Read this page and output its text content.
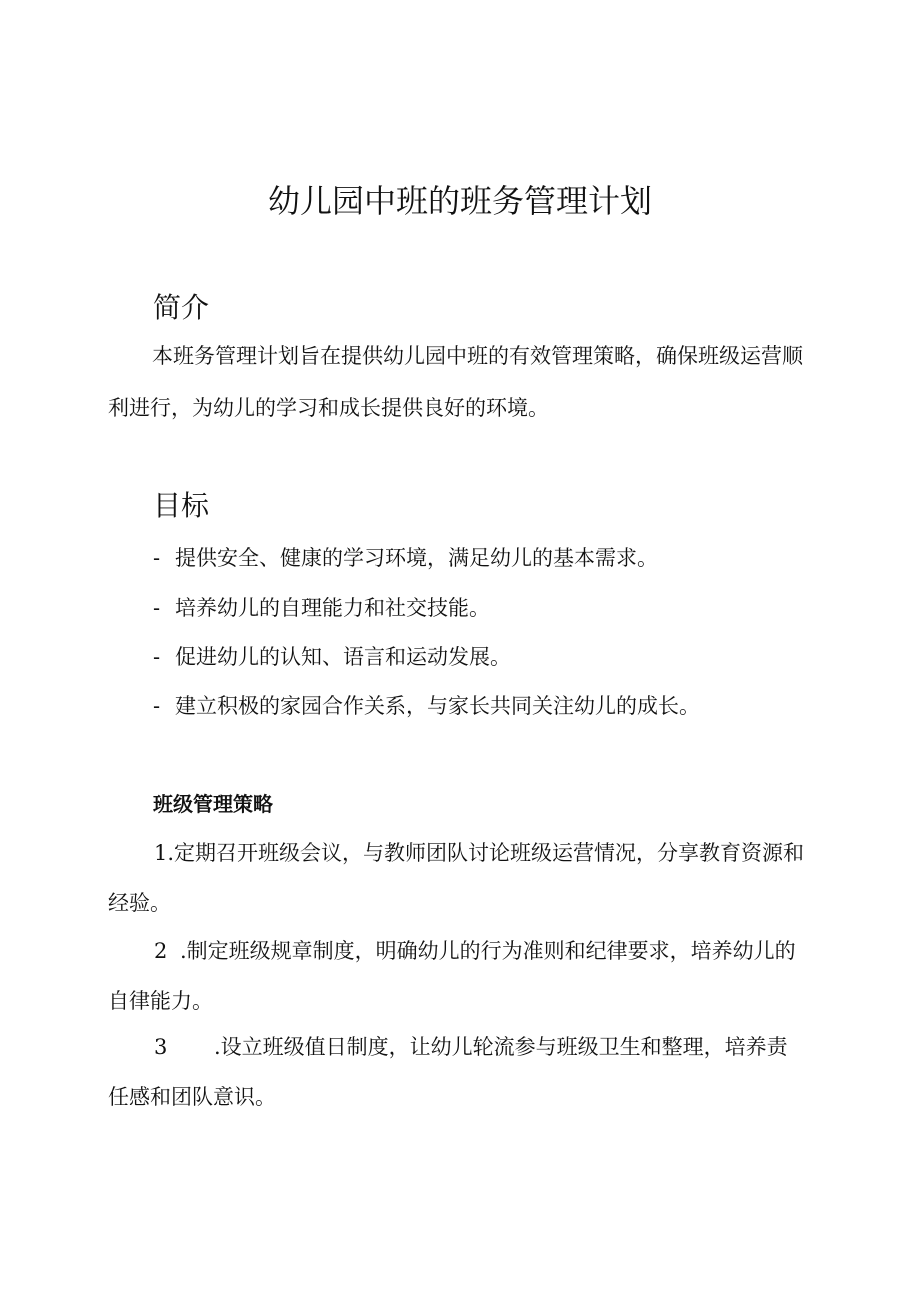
幼儿园中班的班务管理计划
简介

本班务管理计划旨在提供幼儿园中班的有效管理策略，确保班级运营顺利进行，为幼儿的学习和成长提供良好的环境。

目标

- 提供安全、健康的学习环境，满足幼儿的基本需求。

- 培养幼儿的自理能力和社交技能。

- 促进幼儿的认知、语言和运动发展。

- 建立积极的家园合作关系，与家长共同关注幼儿的成长。

班级管理策略

1.定期召开班级会议，与教师团队讨论班级运营情况，分享教育资源和经验。

2 .制定班级规章制度，明确幼儿的行为准则和纪律要求，培养幼儿的自律能力。

3 .设立班级值日制度，让幼儿轮流参与班级卫生和整理，培养责任感和团队意识。
